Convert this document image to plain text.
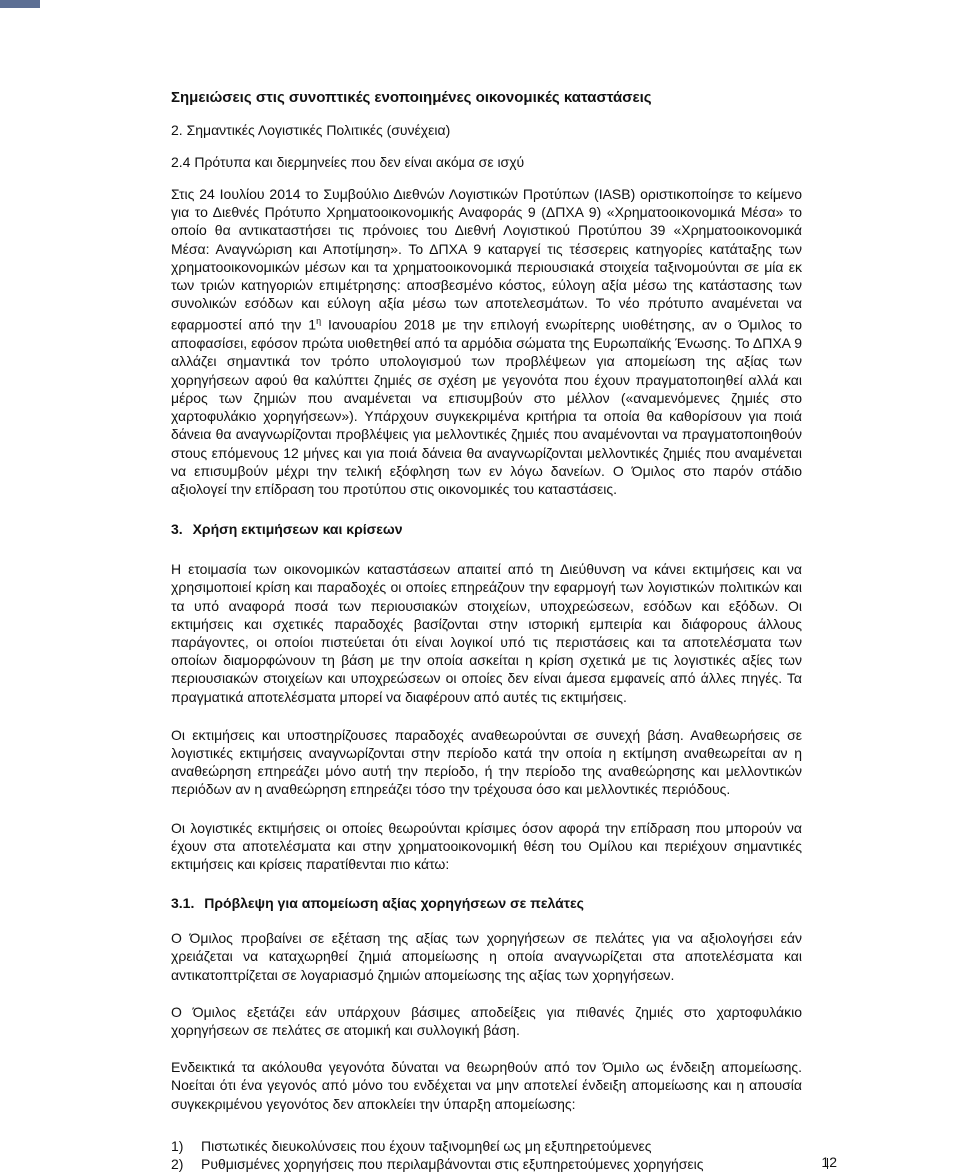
Σημειώσεις στις συνοπτικές ενοποιημένες οικονομικές καταστάσεις
2. Σημαντικές Λογιστικές Πολιτικές (συνέχεια)
2.4 Πρότυπα και διερμηνείες που δεν είναι ακόμα σε ισχύ

Στις 24 Ιουλίου 2014 το Συμβούλιο Διεθνών Λογιστικών Προτύπων (IASB) οριστικοποίησε το κείμενο για το Διεθνές Πρότυπο Χρηματοοικονομικής Αναφοράς 9 (ΔΠΧΑ 9) «Χρηματοοικονομικά Μέσα» το οποίο θα αντικαταστήσει τις πρόνοιες του Διεθνή Λογιστικού Προτύπου 39 «Χρηματοοικονομικά Μέσα: Αναγνώριση και Αποτίμηση». Το ΔΠΧΑ 9 καταργεί τις τέσσερεις κατηγορίες κατάταξης των χρηματοοικονομικών μέσων και τα χρηματοοικονομικά περιουσιακά στοιχεία ταξινομούνται σε μία εκ των τριών κατηγοριών επιμέτρησης: αποσβεσμένο κόστος, εύλογη αξία μέσω της κατάστασης των συνολικών εσόδων και εύλογη αξία μέσω των αποτελεσμάτων. Το νέο πρότυπο αναμένεται να εφαρμοστεί από την $1^\eta$ Ιανουαρίου 2018 με την επιλογή ενωρίτερης υιοθέτησης, αν ο Όμιλος το αποφασίσει, εφόσον πρώτα υιοθετηθεί από τα αρμόδια σώματα της Ευρωπαϊκής Ένωσης. Το ΔΠΧΑ 9 αλλάζει σημαντικά τον τρόπο υπολογισμού των προβλέψεων για απομείωση της αξίας των χορηγήσεων αφού θα καλύπτει ζημιές σε σχέση με γεγονότα που έχουν πραγματοποιηθεί αλλά και μέρος των ζημιών που αναμένεται να επισυμβούν στο μέλλον («αναμενόμενες ζημιές στο χαρτοφυλάκιο χορηγήσεων»). Υπάρχουν συγκεκριμένα κριτήρια τα οποία θα καθορίσουν για ποιά δάνεια θα αναγνωρίζονται προβλέψεις για μελλοντικές ζημιές που αναμένονται να πραγματοποιηθούν στους επόμενους 12 μήνες και για ποιά δάνεια θα αναγνωρίζονται μελλοντικές ζημιές που αναμένεται να επισυμβούν μέχρι την τελική εξόφληση των εν λόγω δανείων. Ο Όμιλος στο παρόν στάδιο αξιολογεί την επίδραση του προτύπου στις οικονομικές του καταστάσεις.

3. Χρήση εκτιμήσεων και κρίσεων

Η ετοιμασία των οικονομικών καταστάσεων απαιτεί από τη Διεύθυνση να κάνει εκτιμήσεις και να χρησιμοποιεί κρίση και παραδοχές οι οποίες επηρεάζουν την εφαρμογή των λογιστικών πολιτικών και τα υπό αναφορά ποσά των περιουσιακών στοιχείων, υποχρεώσεων, εσόδων και εξόδων. Οι εκτιμήσεις και σχετικές παραδοχές βασίζονται στην ιστορική εμπειρία και διάφορους άλλους παράγοντες, οι οποίοι πιστεύεται ότι είναι λογικοί υπό τις περιστάσεις και τα αποτελέσματα των οποίων διαμορφώνουν τη βάση με την οποία ασκείται η κρίση σχετικά με τις λογιστικές αξίες των περιουσιακών στοιχείων και υποχρεώσεων οι οποίες δεν είναι άμεσα εμφανείς από άλλες πηγές. Τα πραγματικά αποτελέσματα μπορεί να διαφέρουν από αυτές τις εκτιμήσεις.

Οι εκτιμήσεις και υποστηρίζουσες παραδοχές αναθεωρούνται σε συνεχή βάση. Αναθεωρήσεις σε λογιστικές εκτιμήσεις αναγνωρίζονται στην περίοδο κατά την οποία η εκτίμηση αναθεωρείται αν η αναθεώρηση επηρεάζει μόνο αυτή την περίοδο, ή την περίοδο της αναθεώρησης και μελλοντικών περιόδων αν η αναθεώρηση επηρεάζει τόσο την τρέχουσα όσο και μελλοντικές περιόδους.

Οι λογιστικές εκτιμήσεις οι οποίες θεωρούνται κρίσιμες όσον αφορά την επίδραση που μπορούν να έχουν στα αποτελέσματα και στην χρηματοοικονομική θέση του Ομίλου και περιέχουν σημαντικές εκτιμήσεις και κρίσεις παρατίθενται πιο κάτω:

3.1. Πρόβλεψη για απομείωση αξίας χορηγήσεων σε πελάτες

Ο Όμιλος προβαίνει σε εξέταση της αξίας των χορηγήσεων σε πελάτες για να αξιολογήσει εάν χρειάζεται να καταχωρηθεί ζημιά απομείωσης η οποία αναγνωρίζεται στα αποτελέσματα και αντικατοπτρίζεται σε λογαριασμό ζημιών απομείωσης της αξίας των χορηγήσεων.

Ο Όμιλος εξετάζει εάν υπάρχουν βάσιμες αποδείξεις για πιθανές ζημιές στο χαρτοφυλάκιο χορηγήσεων σε πελάτες σε ατομική και συλλογική βάση.

Ενδεικτικά τα ακόλουθα γεγονότα δύναται να θεωρηθούν από τον Όμιλο ως ένδειξη απομείωσης. Νοείται ότι ένα γεγονός από μόνο του ενδέχεται να μην αποτελεί ένδειξη απομείωσης και η απουσία συγκεκριμένου γεγονότος δεν αποκλείει την ύπαρξη απομείωσης:

1)	Πιστωτικές διευκολύνσεις που έχουν ταξινομηθεί ως μη εξυπηρετούμενες
2)	Ρυθμισμένες χορηγήσεις που περιλαμβάνονται στις εξυπηρετούμενες χορηγήσεις	12
